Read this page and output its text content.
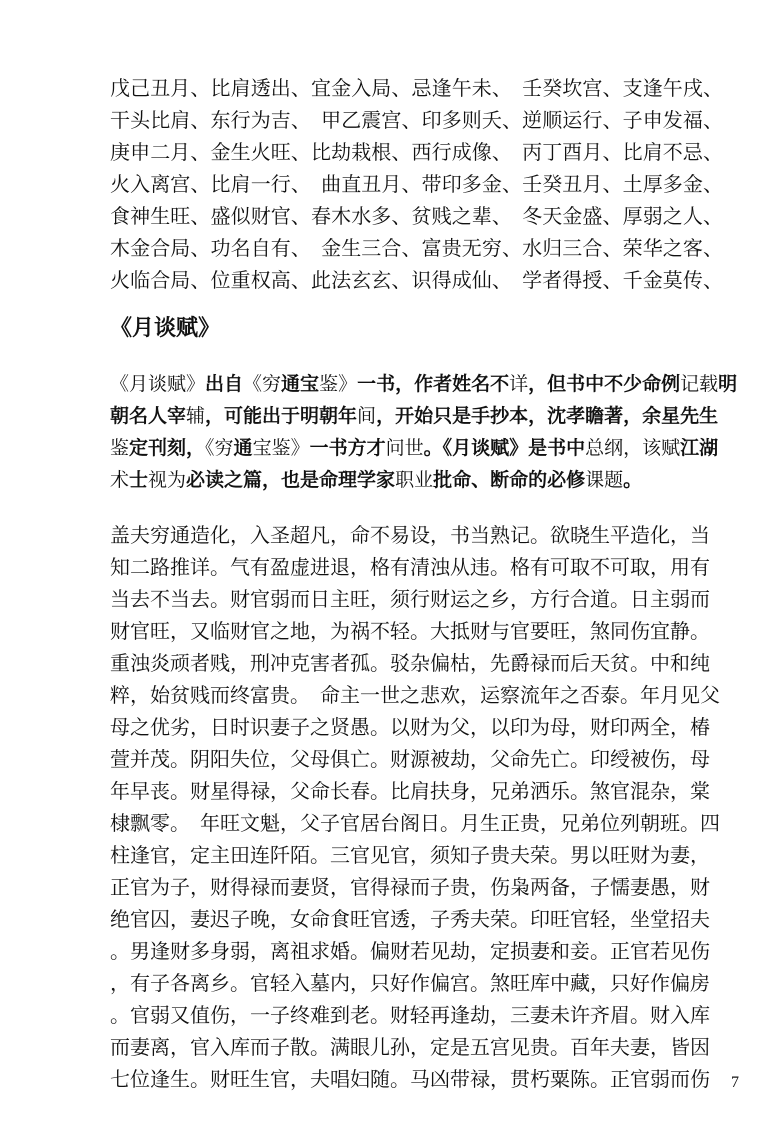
戊己丑月、比肩透出、宜金入局、忌逢午未、　壬癸坎宫、支逢午戌、
干头比肩、东行为吉、　甲乙震宫、印多则夭、逆顺运行、子申发福、
庚申二月、金生火旺、比劫栽根、西行成像、　丙丁酉月、比肩不忌、
火入离宫、比肩一行、　曲直丑月、带印多金、壬癸丑月、土厚多金、
食神生旺、盛似财官、春木水多、贫贱之辈、　冬天金盛、厚弱之人、
木金合局、功名自有、　金生三合、富贵无穷、水归三合、荣华之客、
火临合局、位重权高、此法玄玄、识得成仙、　学者得授、千金莫传、
《月谈赋》
《月谈赋》出自《穷通宝鉴》一书，作者姓名不详，但书中不少命例记载明
朝名人宰辅，可能出于明朝年间，开始只是手抄本，沈孝瞻著，余星先生
鉴定刊刻，《穷通宝鉴》一书方才问世。《月谈赋》是书中总纲，该赋江湖
术士视为必读之篇，也是命理学家职业批命、断命的必修课题。
盖夫穷通造化，入圣超凡，命不易设，书当熟记。欲晓生平造化，当
知二路推详。气有盈虚进退，格有清浊从违。格有可取不可取，用有
当去不当去。财官弱而日主旺，须行财运之乡，方行合道。日主弱而
财官旺，又临财官之地，为祸不轻。大抵财与官要旺，煞同伤宜静。
重浊炎顽者贱，刑冲克害者孤。驳杂偏枯，先爵禄而后天贫。中和纯
粹，始贫贱而终富贵。　命主一世之悲欢，运察流年之否泰。年月见父
母之优劣，日时识妻子之贤愚。以财为父，以印为母，财印两全，椿
萱并茂。阴阳失位，父母俱亡。财源被劫，父命先亡。印绶被伤，母
年早丧。财星得禄，父命长春。比肩扶身，兄弟洒乐。煞官混杂，棠
棣飘零。　年旺文魁，父子官居台阁日。月生正贵，兄弟位列朝班。四
柱逢官，定主田连阡陌。三官见官，须知子贵夫荣。男以旺财为妻，
正官为子，财得禄而妻贤，官得禄而子贵，伤枭两备，子懦妻愚，财
绝官囚，妻迟子晚，女命食旺官透，子秀夫荣。印旺官轻，坐堂招夫
。男逢财多身弱，离祖求婚。偏财若见劫，定损妻和妾。正官若见伤
，有子各离乡。官轻入墓内，只好作偏宫。煞旺库中藏，只好作偏房
。官弱又值伤，一子终难到老。财轻再逢劫，三妻未许齐眉。财入库
而妻离，官入库而子散。满眼儿孙，定是五宫见贵。百年夫妻，皆因
七位逢生。财旺生官，夫唱妇随。马凶带禄，贯朽粟陈。正官弱而伤	7
